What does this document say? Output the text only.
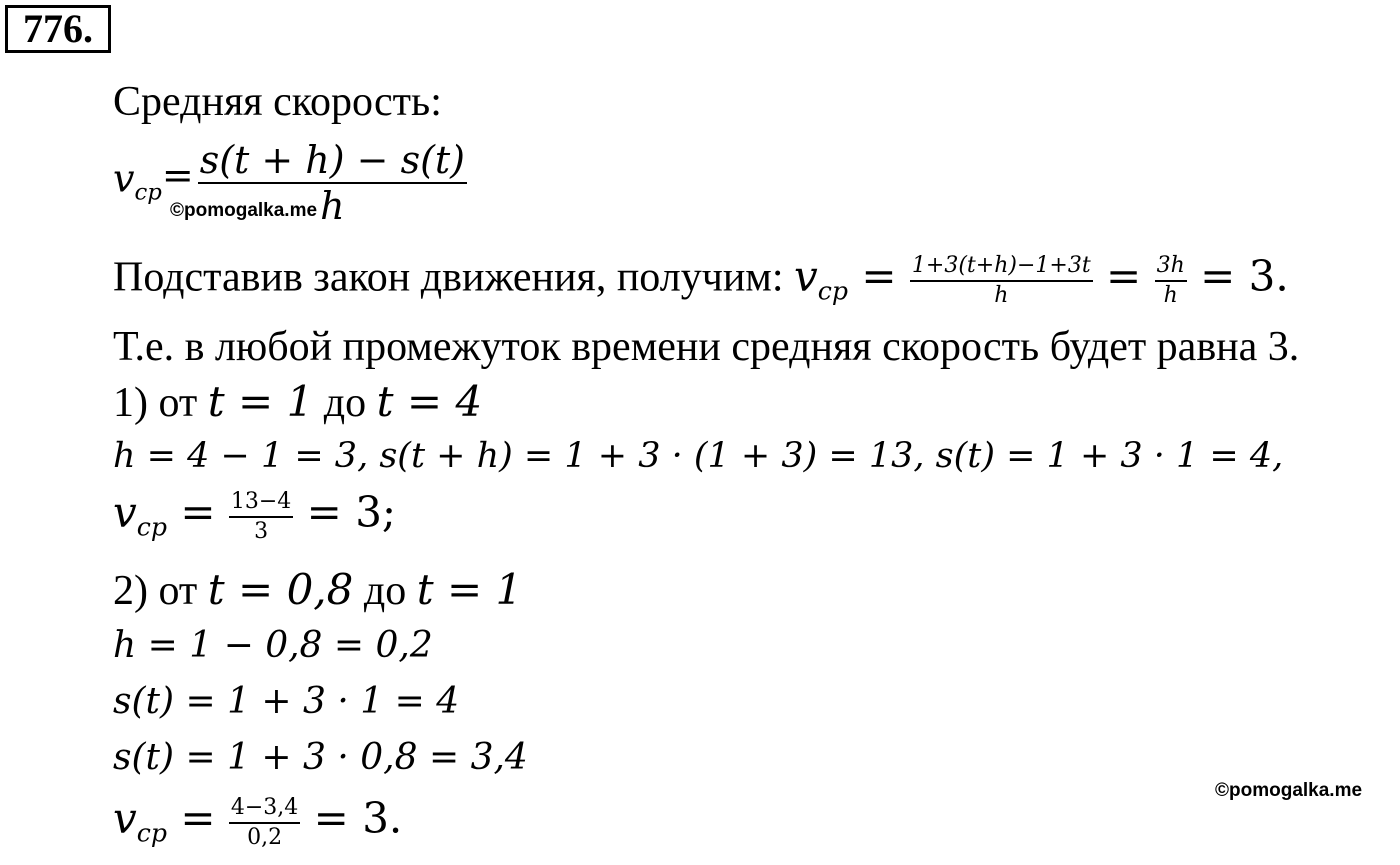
776.
Средняя скорость:
$v_{cp}= \frac{s(t + h) - s(t)}{h}$
©pomogalka.me
Подставив закон движения, получим: $v_{cp} = \frac{1+3(t+h)-1+3t}{h} = \frac{3h}{h} = 3$.
Т.е. в любой промежуток времени средняя скорость будет равна 3.
1) от t = 1 до t = 4
h = 4 − 1 = 3, s(t + h) = 1 + 3 · (1 + 3) = 13, s(t) = 1 + 3 · 1 = 4,
$v_{cp} = \frac{13-4}{3} = 3$;
2) от t = 0,8 до t = 1
h = 1 − 0,8 = 0,2
s(t) = 1 + 3 · 1 = 4
s(t) = 1 + 3 · 0,8 = 3,4
$v_{cp} = \frac{4-3,4}{0,2} = 3$.
©pomogalka.me
